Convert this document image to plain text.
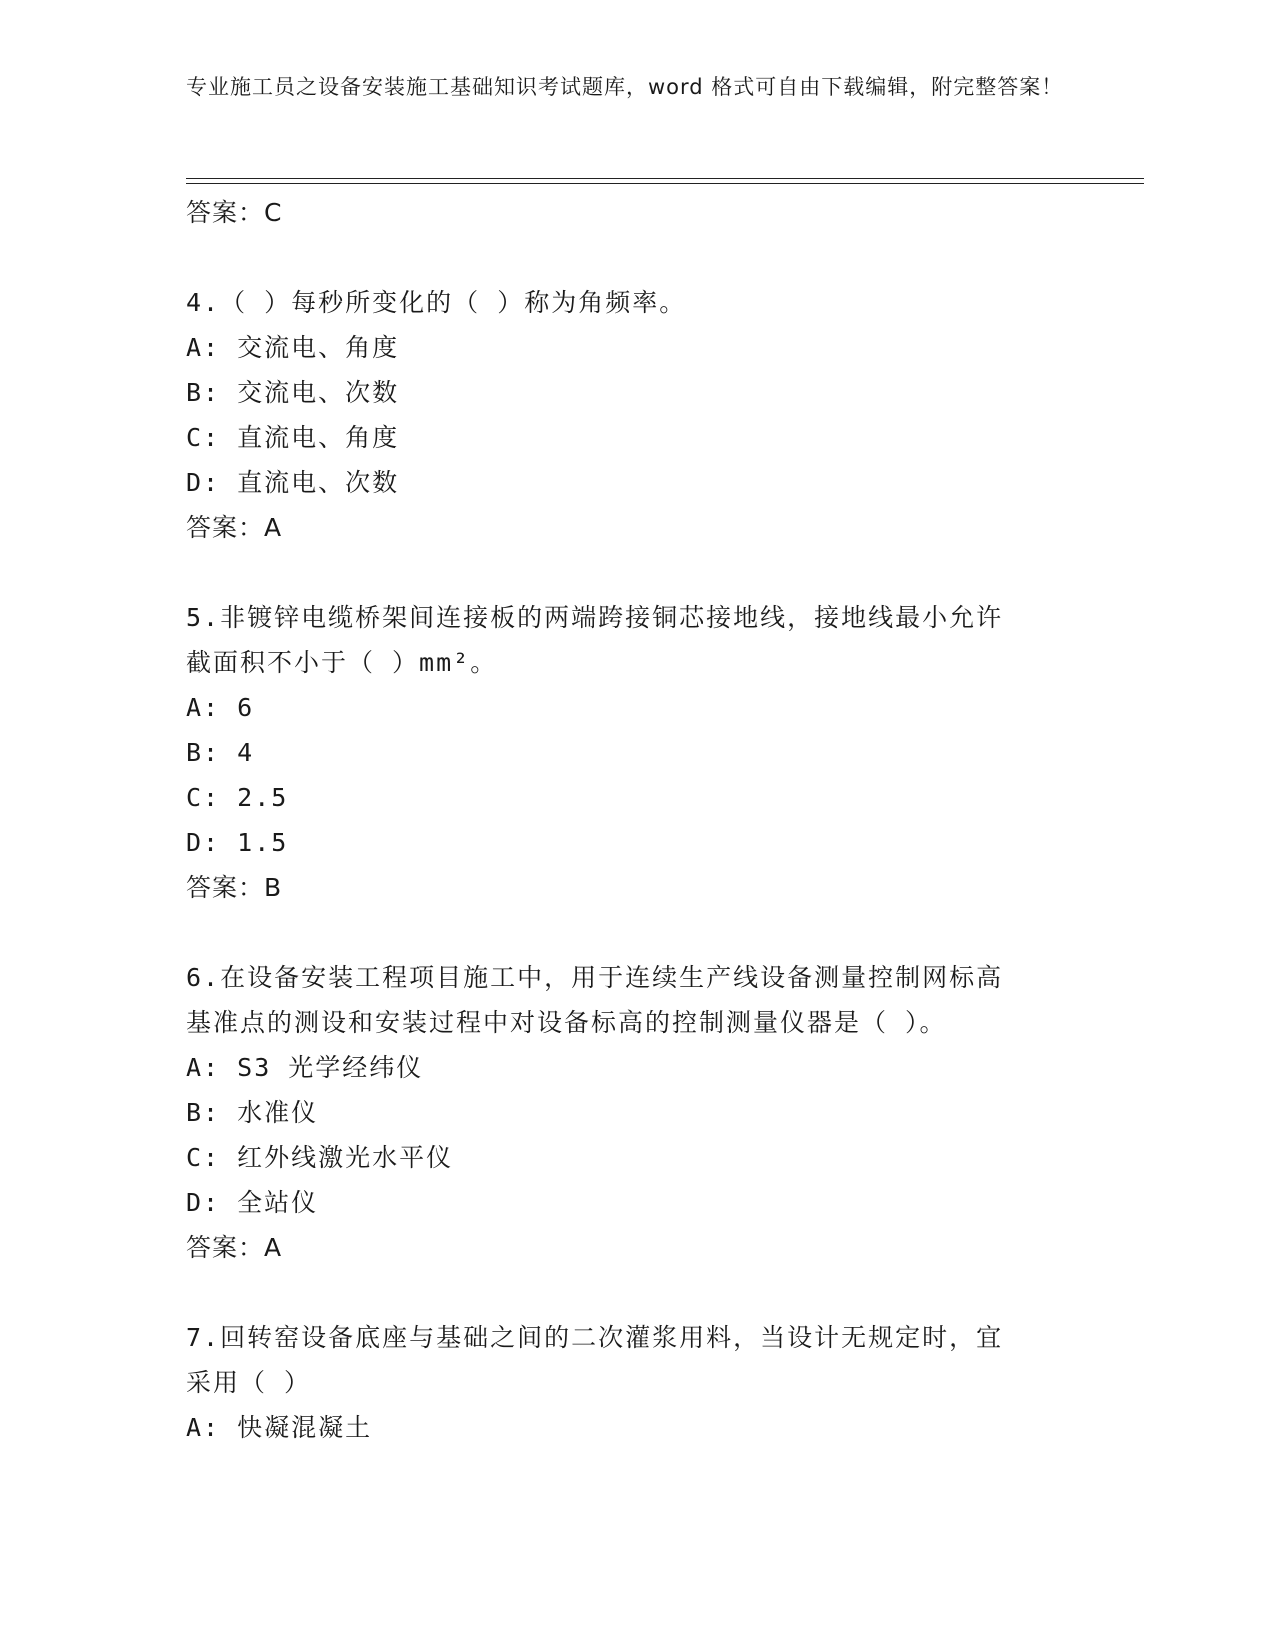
专业施工员之设备安装施工基础知识考试题库，word 格式可自由下载编辑，附完整答案！
答案：C
4.（ ）每秒所变化的（ ）称为角频率。
A: 交流电、角度
B: 交流电、次数
C: 直流电、角度
D: 直流电、次数
答案：A
5.非镀锌电缆桥架间连接板的两端跨接铜芯接地线，接地线最小允许
截面积不小于（ ）mm²。
A: 6
B: 4
C: 2.5
D: 1.5
答案：B
6.在设备安装工程项目施工中，用于连续生产线设备测量控制网标高
基准点的测设和安装过程中对设备标高的控制测量仪器是（ ）。
A: S3 光学经纬仪
B: 水准仪
C: 红外线激光水平仪
D: 全站仪
答案：A
7.回转窑设备底座与基础之间的二次灌浆用料，当设计无规定时，宜
采用（ ）
A: 快凝混凝土
